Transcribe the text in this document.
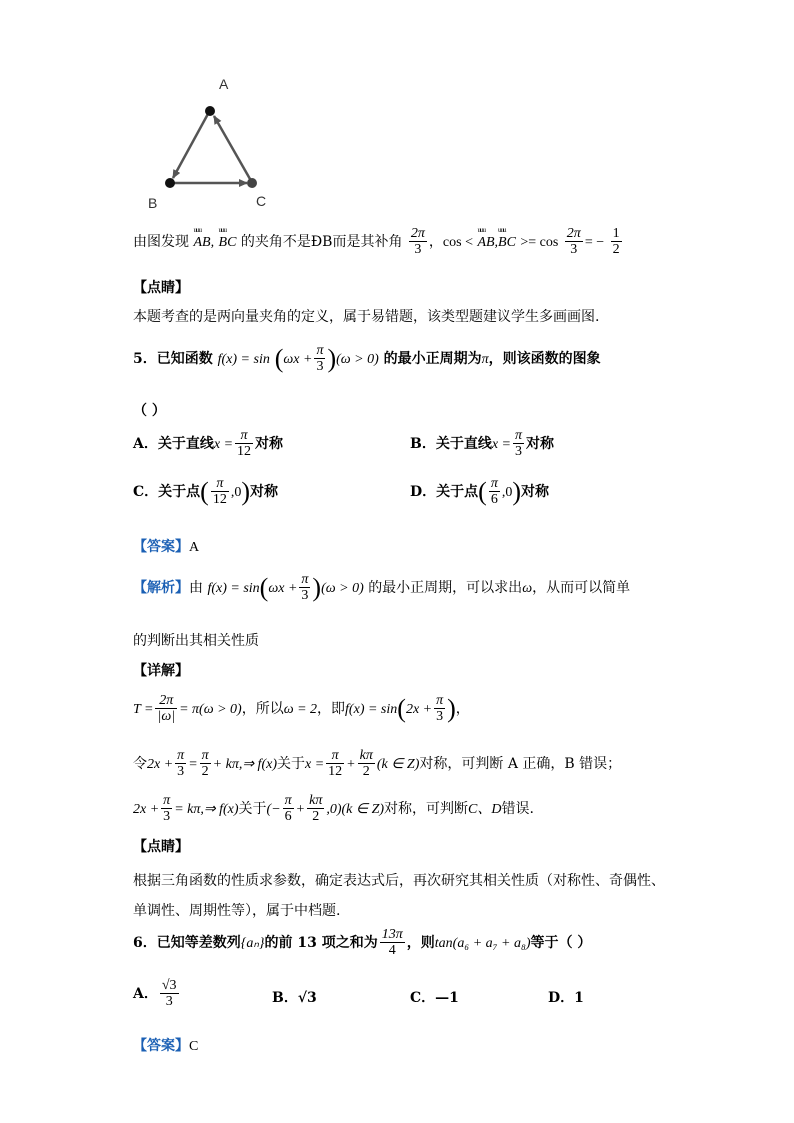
A
B	C
由图发现 uuu AB, uuu BC 的夹角不是ÐB而是其补角 $\frac{2\pi}{3}$ ，cos < uuu AB,uuu BC >= $\cos \frac{2\pi}{3}$ = − $\frac{1}{2}$
【点睛】
本题考查的是两向量夹角的定义，属于易错题，该类型题建议学生多画画图.
5．已知函数 $f(x) = \sin (\omega x + \frac{\pi}{3} )(\omega > 0)$ 的最小正周期为π，则该函数的图象
（ ）
A．关于直线$x = \frac{\pi}{12}$ 对称	B．关于直线$x = \frac{\pi}{3}$ 对称
C．关于点( $\frac{\pi}{12} ,0$)对称	D．关于点( $\frac{\pi}{6} ,0$)对称
【答案】A
【解析】由 $f(x) = \sin(\omega x + \frac{\pi}{3} )(\omega > 0)$ 的最小正周期，可以求出ω，从而可以简单
的判断出其相关性质
【详解】
$T = \frac{2\pi}{|\omega|} = \pi(\omega > 0)$，所以ω = 2，即$f(x) = \sin(2x + \frac{\pi}{3}$ )，
令$2x + \frac{\pi}{3} = \frac{\pi}{2}$ + kπ,⇒ f(x)关于$x = \frac{\pi}{12} + \frac{k\pi}{2} (k$ ∈ Z)对称，可判断 A 正确，B 错误；
$2x + \frac{\pi}{3}$ = kπ,⇒ f(x)关于(− $\frac{\pi}{6} + \frac{k\pi}{2} ,0)(k$ ∈ Z)对称，可判断C、D错误.
【点睛】
根据三角函数的性质求参数，确定表达式后，再次研究其相关性质（对称性、奇偶性、
单调性、周期性等），属于中档题.
6．已知等差数列{aₙ}的前 13 项之和为 $\frac{13\pi}{4}$ ，则tan(a₆ + a₇ + a₈)等于（ ）
A． $\frac{√3}{3}$	B．√3	C．—1	D．1
【答案】C
